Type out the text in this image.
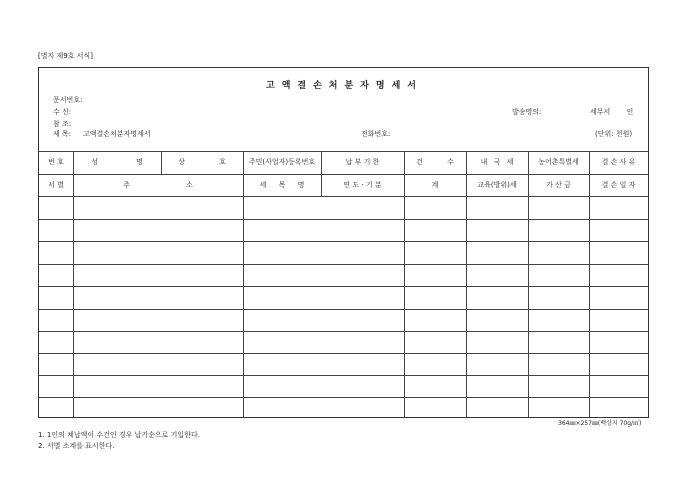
[별지 제9호 서식]
고액결손처분자명세서
문서번호:
수 신:
참 조:
제 목: 고액결손처분자명세서
발송명의:	세무서 인
전화번호:	(단위: 천원)
번 호	성 명	상 호	주민(사업자)등록번호	납 부 기 한	건 수	내 국 세	농어촌특별세	결 손 사 유
서 별	주 소	세 목 명	연 도 · 기 분	계	교육(방위)세	가 산 금	결 손 일 자
364㎜×257㎜(백상지 70g/㎡)
1. 1인의 체납액이 수건인 경우 납기순으로 기입한다.
2. 서별 소계를 표시한다.
